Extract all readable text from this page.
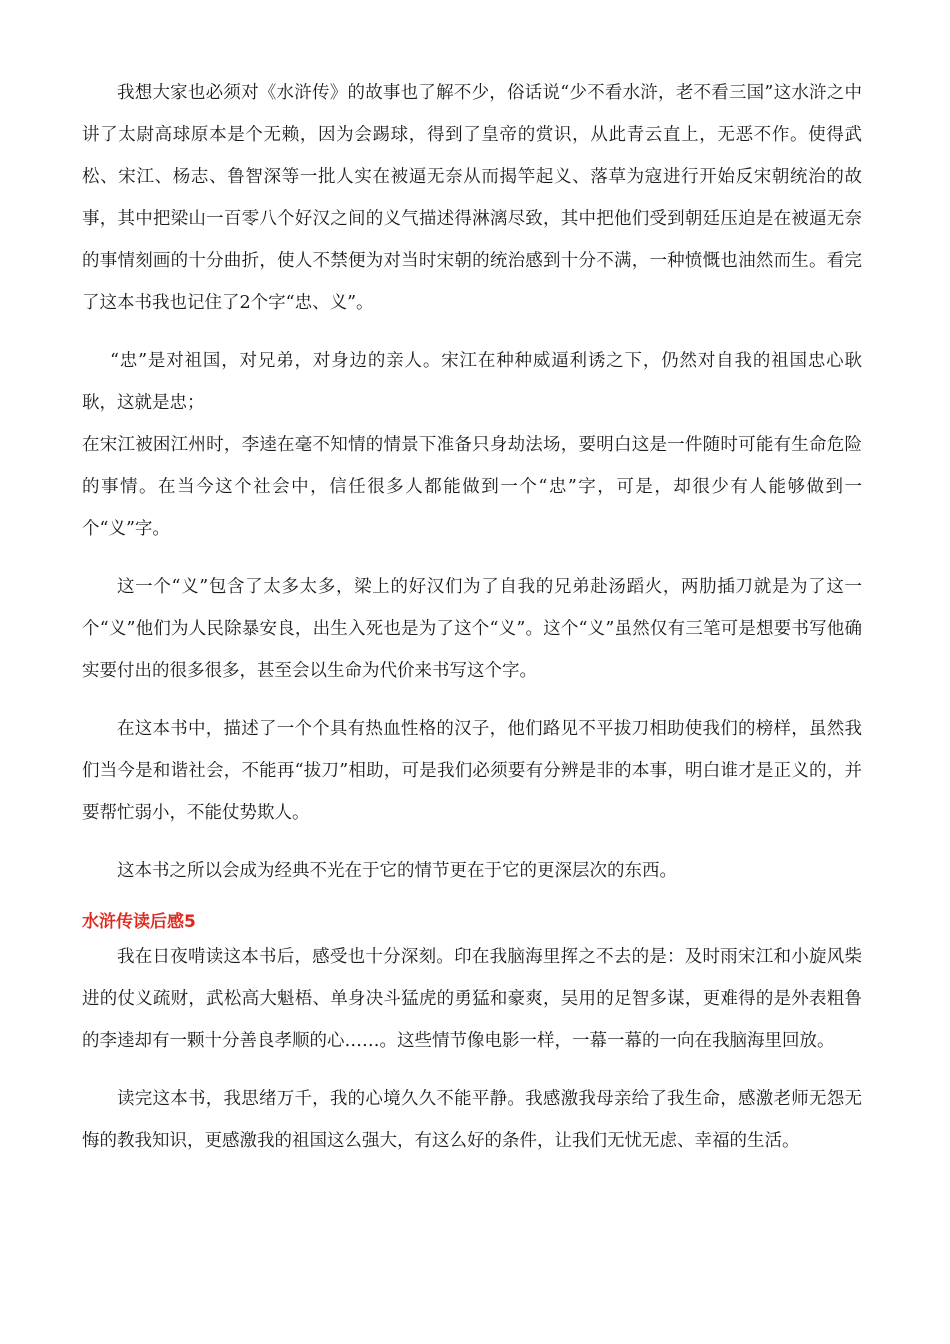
我想大家也必须对《水浒传》的故事也了解不少，俗话说“少不看水浒，老不看三国”这水浒之中讲了太尉高球原本是个无赖，因为会踢球，得到了皇帝的赏识，从此青云直上，无恶不作。使得武松、宋江、杨志、鲁智深等一批人实在被逼无奈从而揭竿起义、落草为寇进行开始反宋朝统治的故事，其中把梁山一百零八个好汉之间的义气描述得淋漓尽致，其中把他们受到朝廷压迫是在被逼无奈的事情刻画的十分曲折，使人不禁便为对当时宋朝的统治感到十分不满，一种愤慨也油然而生。看完了这本书我也记住了2个字“忠、义”。

“忠”是对祖国，对兄弟，对身边的亲人。宋江在种种威逼利诱之下，仍然对自我的祖国忠心耿耿，这就是忠；

在宋江被困江州时，李逵在毫不知情的情景下准备只身劫法场，要明白这是一件随时可能有生命危险的事情。在当今这个社会中，信任很多人都能做到一个“忠”字，可是，却很少有人能够做到一个“义”字。

这一个“义”包含了太多太多，梁上的好汉们为了自我的兄弟赴汤蹈火，两肋插刀就是为了这一个“义”他们为人民除暴安良，出生入死也是为了这个“义”。这个“义”虽然仅有三笔可是想要书写他确实要付出的很多很多，甚至会以生命为代价来书写这个字。

在这本书中，描述了一个个具有热血性格的汉子，他们路见不平拔刀相助使我们的榜样，虽然我们当今是和谐社会，不能再“拔刀”相助，可是我们必须要有分辨是非的本事，明白谁才是正义的，并要帮忙弱小，不能仗势欺人。

这本书之所以会成为经典不光在于它的情节更在于它的更深层次的东西。

水浒传读后感5

我在日夜啃读这本书后，感受也十分深刻。印在我脑海里挥之不去的是：及时雨宋江和小旋风柴进的仗义疏财，武松高大魁梧、单身决斗猛虎的勇猛和豪爽，吴用的足智多谋，更难得的是外表粗鲁的李逵却有一颗十分善良孝顺的心……。这些情节像电影一样，一幕一幕的一向在我脑海里回放。

读完这本书，我思绪万千，我的心境久久不能平静。我感激我母亲给了我生命，感激老师无怨无悔的教我知识，更感激我的祖国这么强大，有这么好的条件，让我们无忧无虑、幸福的生活。
